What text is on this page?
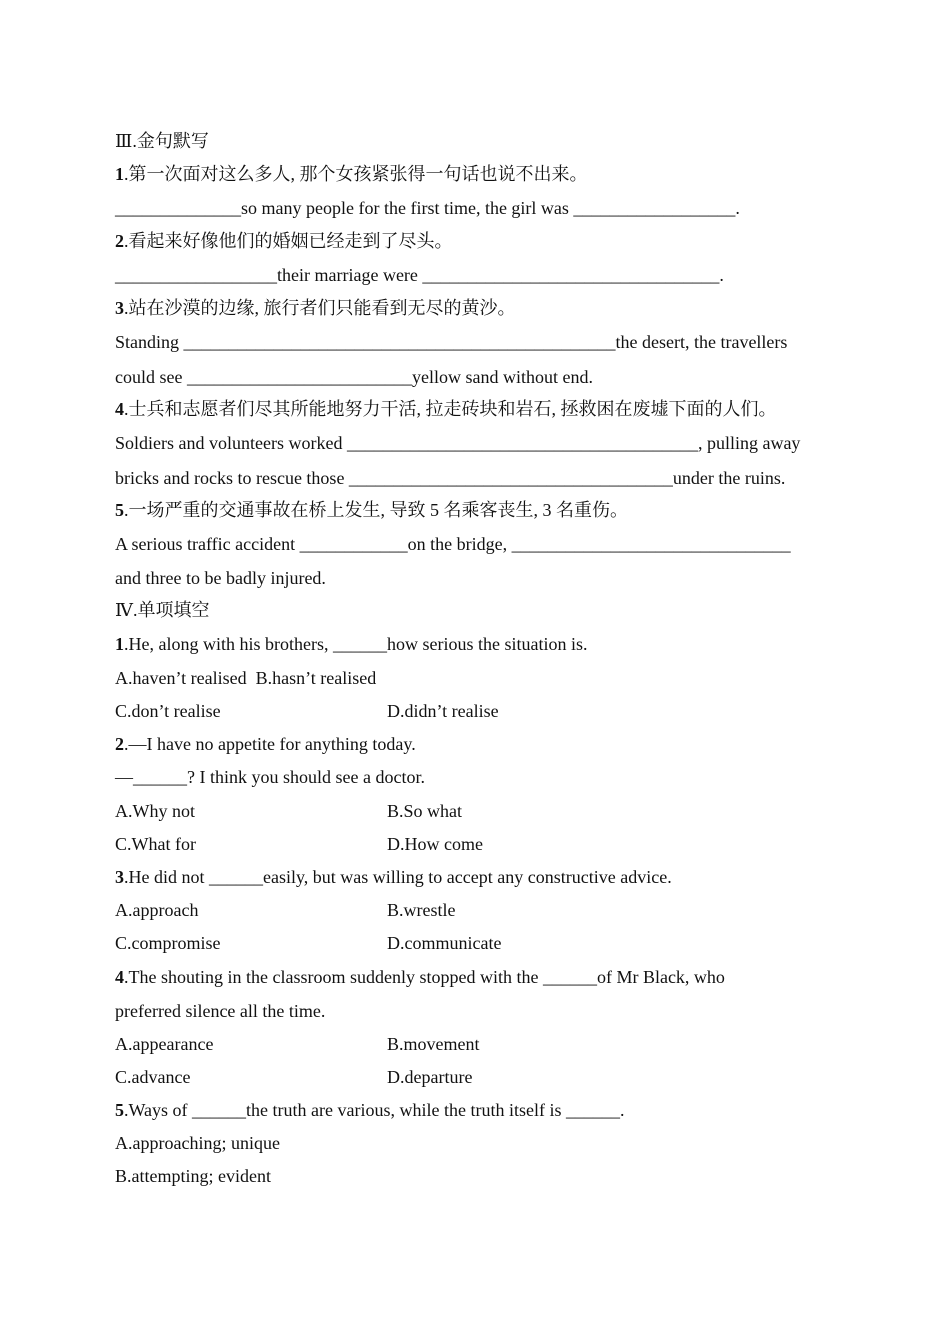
Ⅲ.金句默写
1.第一次面对这么多人, 那个女孩紧张得一句话也说不出来。
______________so many people for the first time, the girl was __________________.
2.看起来好像他们的婚姻已经走到了尽头。
__________________their marriage were _________________________________.
3.站在沙漠的边缘, 旅行者们只能看到无尽的黄沙。
Standing ________________________________________________the desert, the travellers
could see _________________________yellow sand without end.
4.士兵和志愿者们尽其所能地努力干活, 拉走砖块和岩石, 拯救困在废墟下面的人们。
Soldiers and volunteers worked _______________________________________, pulling away
bricks and rocks to rescue those ____________________________________under the ruins.
5.一场严重的交通事故在桥上发生, 导致 5 名乘客丧生, 3 名重伤。
A serious traffic accident ____________on the bridge, _______________________________
and three to be badly injured.
Ⅳ.单项填空
1.He, along with his brothers, ______how serious the situation is.
A.haven’t realised  B.hasn’t realised
C.don’t realise	D.didn’t realise
2.—I have no appetite for anything today.
—______? I think you should see a doctor.
A.Why not	B.So what
C.What for	D.How come
3.He did not ______easily, but was willing to accept any constructive advice.
A.approach	B.wrestle
C.compromise	D.communicate
4.The shouting in the classroom suddenly stopped with the ______of Mr Black, who
preferred silence all the time.
A.appearance	B.movement
C.advance	D.departure
5.Ways of ______the truth are various, while the truth itself is ______.
A.approaching; unique
B.attempting; evident
